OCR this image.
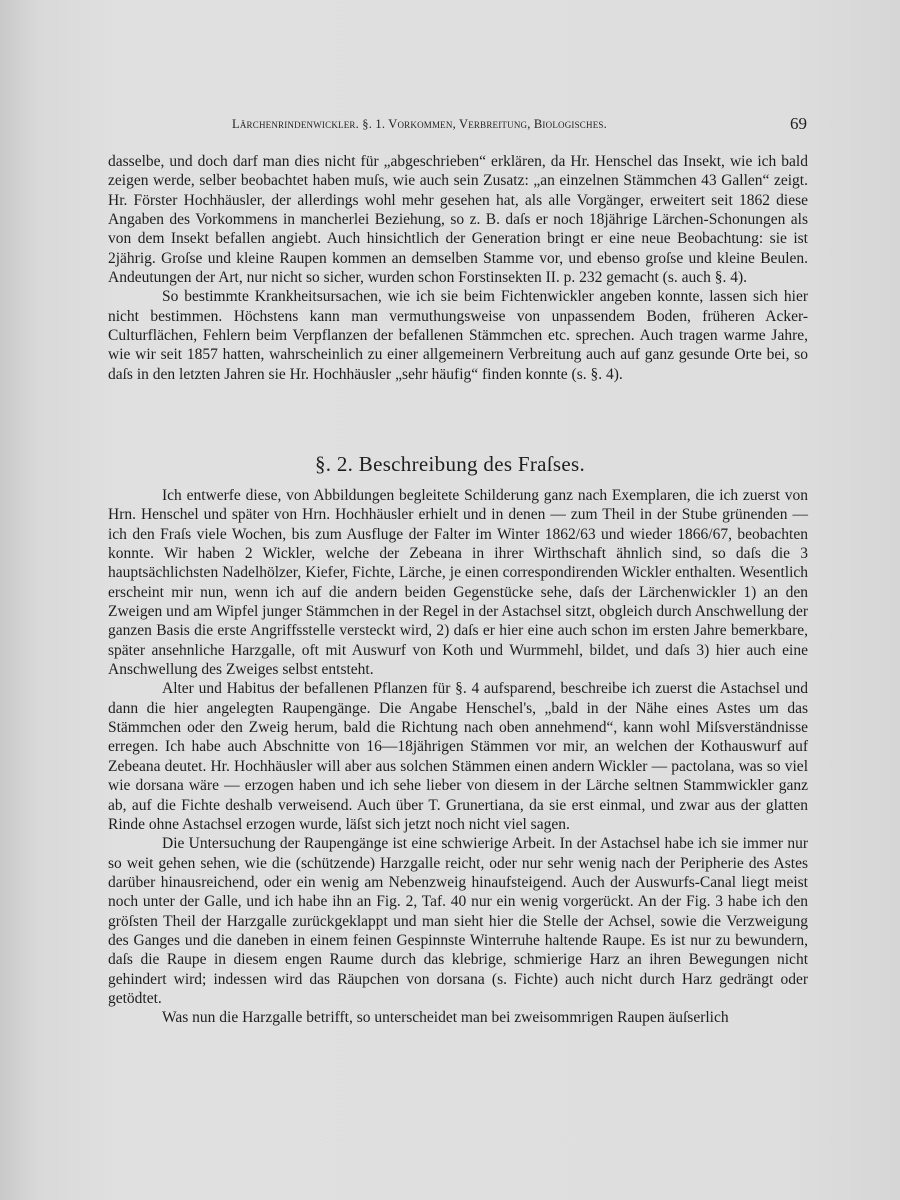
Lärchenrindenwickler. §. 1. Vorkommen, Verbreitung, Biologisches.	69

dasselbe, und doch darf man dies nicht für „abgeschrieben“ erklären, da Hr. Henschel das Insekt, wie ich bald zeigen werde, selber beobachtet haben muſs, wie auch sein Zusatz: „an einzelnen Stämmchen 43 Gallen“ zeigt. Hr. Förster Hochhäusler, der allerdings wohl mehr gesehen hat, als alle Vorgänger, erweitert seit 1862 diese Angaben des Vorkommens in mancherlei Beziehung, so z. B. daſs er noch 18jährige Lärchen-Schonungen als von dem Insekt befallen angiebt. Auch hinsichtlich der Generation bringt er eine neue Beobachtung: sie ist 2jährig. Groſse und kleine Raupen kommen an demselben Stamme vor, und ebenso groſse und kleine Beulen. Andeutungen der Art, nur nicht so sicher, wurden schon Forstinsekten II. p. 232 gemacht (s. auch §. 4).

So bestimmte Krankheitsursachen, wie ich sie beim Fichtenwickler angeben konnte, lassen sich hier nicht bestimmen. Höchstens kann man vermuthungsweise von unpassendem Boden, früheren Acker-Culturflächen, Fehlern beim Verpflanzen der befallenen Stämmchen etc. sprechen. Auch tragen warme Jahre, wie wir seit 1857 hatten, wahrscheinlich zu einer allgemeinern Verbreitung auch auf ganz gesunde Orte bei, so daſs in den letzten Jahren sie Hr. Hochhäusler „sehr häufig“ finden konnte (s. §. 4).

§. 2. Beschreibung des Fraſses.

Ich entwerfe diese, von Abbildungen begleitete Schilderung ganz nach Exemplaren, die ich zuerst von Hrn. Henschel und später von Hrn. Hochhäusler erhielt und in denen — zum Theil in der Stube grünenden — ich den Fraſs viele Wochen, bis zum Ausfluge der Falter im Winter 1862/63 und wieder 1866/67, beobachten konnte. Wir haben 2 Wickler, welche der Zebeana in ihrer Wirthschaft ähnlich sind, so daſs die 3 hauptsächlichsten Nadelhölzer, Kiefer, Fichte, Lärche, je einen correspondirenden Wickler enthalten. Wesentlich erscheint mir nun, wenn ich auf die andern beiden Gegenstücke sehe, daſs der Lärchenwickler 1) an den Zweigen und am Wipfel junger Stämmchen in der Regel in der Astachsel sitzt, obgleich durch Anschwellung der ganzen Basis die erste Angriffsstelle versteckt wird, 2) daſs er hier eine auch schon im ersten Jahre bemerkbare, später ansehnliche Harzgalle, oft mit Auswurf von Koth und Wurmmehl, bildet, und daſs 3) hier auch eine Anschwellung des Zweiges selbst entsteht.

Alter und Habitus der befallenen Pflanzen für §. 4 aufsparend, beschreibe ich zuerst die Astachsel und dann die hier angelegten Raupengänge. Die Angabe Henschel's, „bald in der Nähe eines Astes um das Stämmchen oder den Zweig herum, bald die Richtung nach oben annehmend“, kann wohl Miſsverständnisse erregen. Ich habe auch Abschnitte von 16—18jährigen Stämmen vor mir, an welchen der Kothauswurf auf Zebeana deutet. Hr. Hochhäusler will aber aus solchen Stämmen einen andern Wickler — pactolana, was so viel wie dorsana wäre — erzogen haben und ich sehe lieber von diesem in der Lärche seltnen Stammwickler ganz ab, auf die Fichte deshalb verweisend. Auch über T. Grunertiana, da sie erst einmal, und zwar aus der glatten Rinde ohne Astachsel erzogen wurde, läſst sich jetzt noch nicht viel sagen.

Die Untersuchung der Raupengänge ist eine schwierige Arbeit. In der Astachsel habe ich sie immer nur so weit gehen sehen, wie die (schützende) Harzgalle reicht, oder nur sehr wenig nach der Peripherie des Astes darüber hinausreichend, oder ein wenig am Nebenzweig hinaufsteigend. Auch der Auswurfs-Canal liegt meist noch unter der Galle, und ich habe ihn an Fig. 2, Taf. 40 nur ein wenig vorgerückt. An der Fig. 3 habe ich den gröſsten Theil der Harzgalle zurückgeklappt und man sieht hier die Stelle der Achsel, sowie die Verzweigung des Ganges und die daneben in einem feinen Gespinnste Winterruhe haltende Raupe. Es ist nur zu bewundern, daſs die Raupe in diesem engen Raume durch das klebrige, schmierige Harz an ihren Bewegungen nicht gehindert wird; indessen wird das Räupchen von dorsana (s. Fichte) auch nicht durch Harz gedrängt oder getödtet.

Was nun die Harzgalle betrifft, so unterscheidet man bei zweisommrigen Raupen äuſserlich
